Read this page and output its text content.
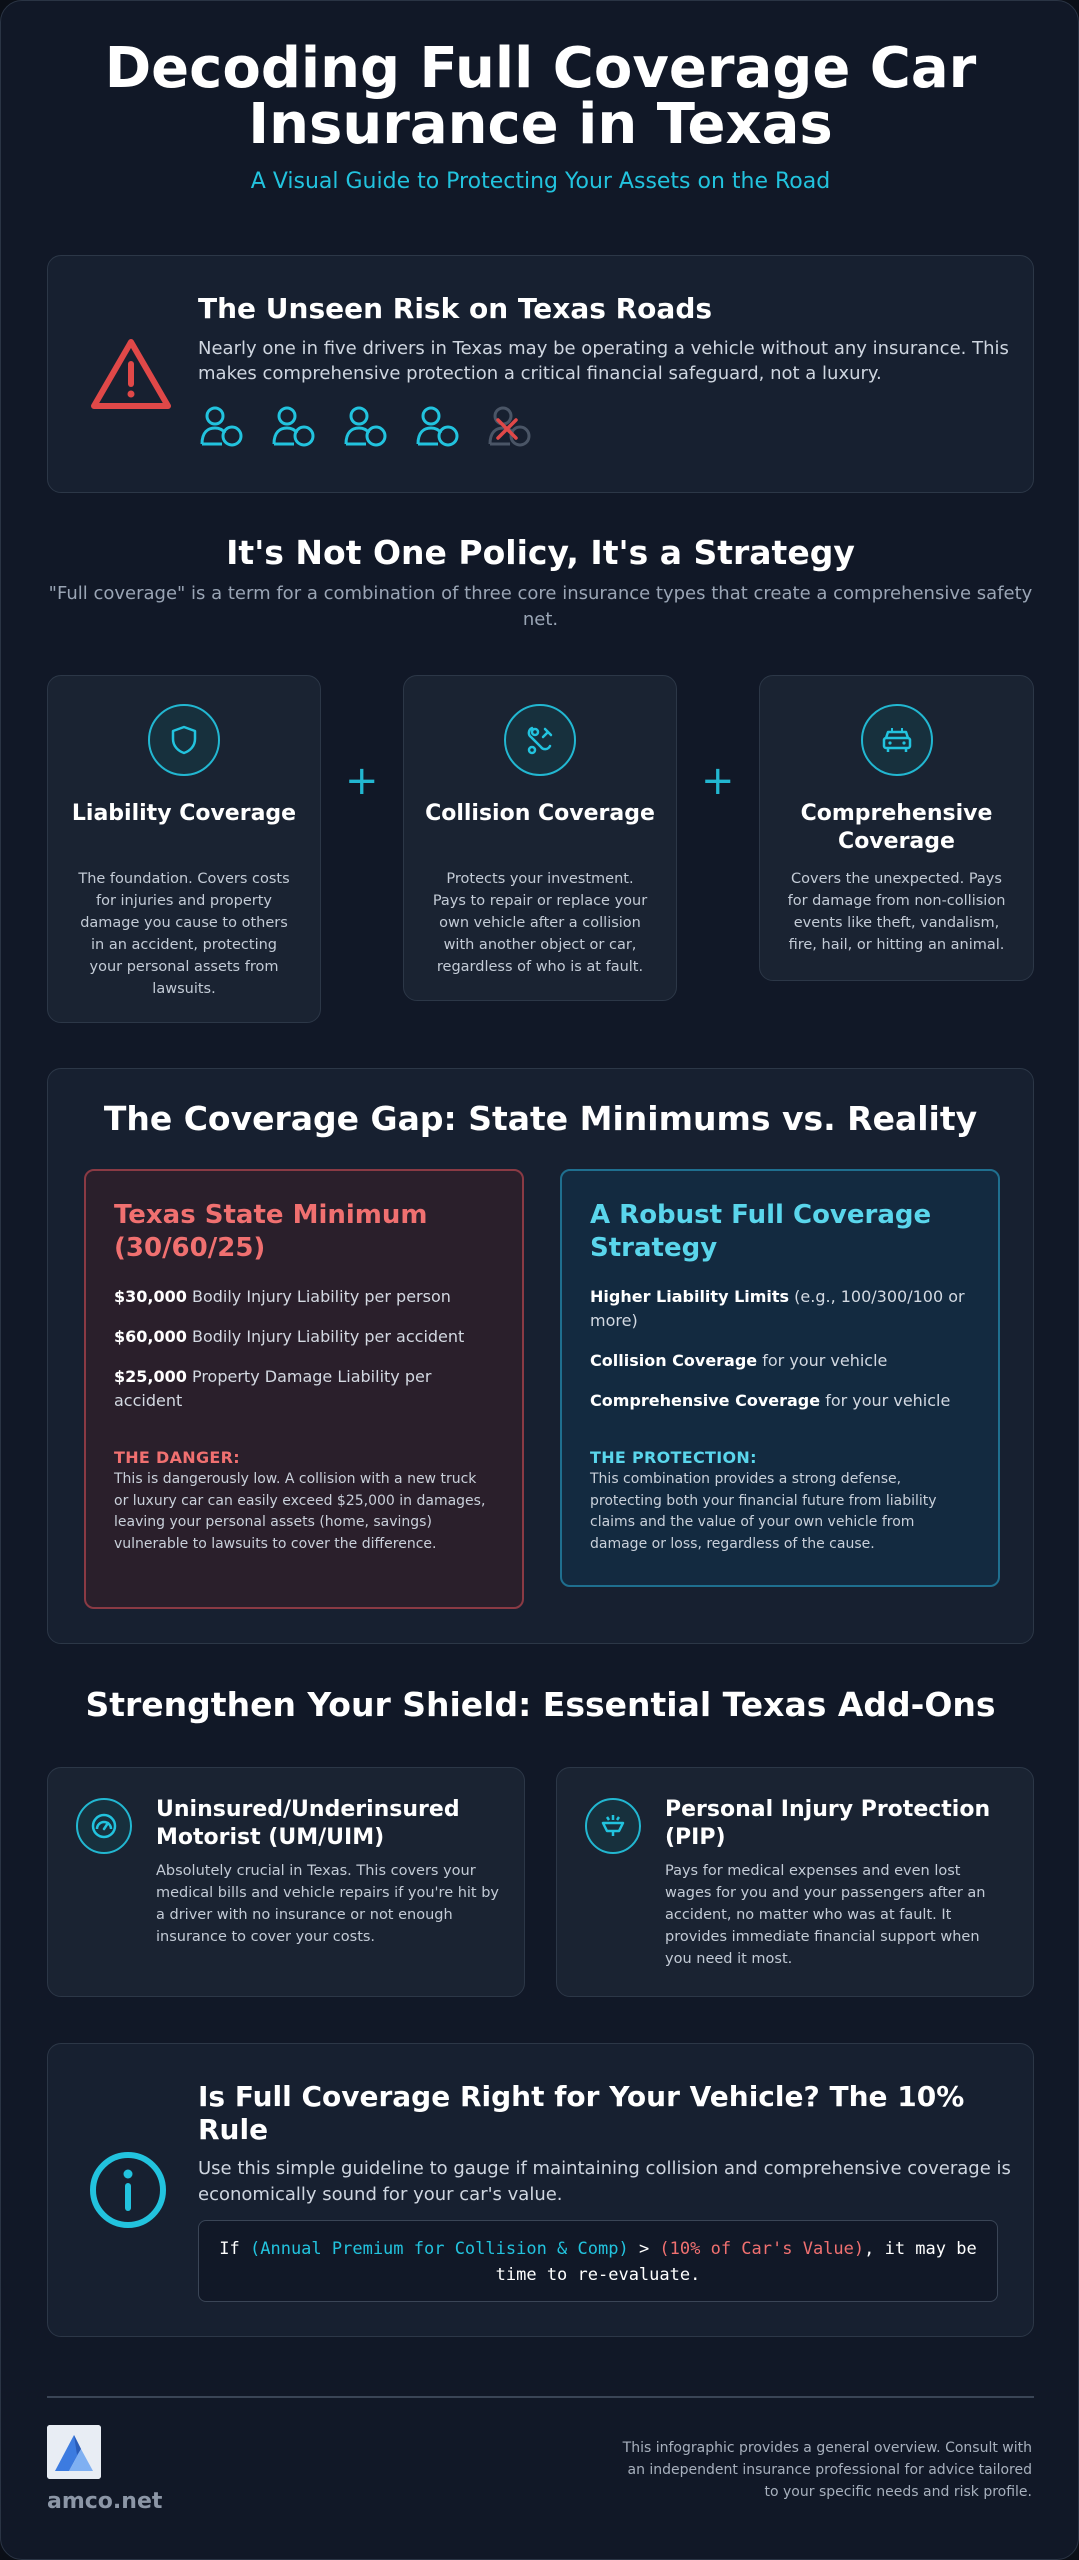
Decoding Full Coverage Car Insurance in Texas
A Visual Guide to Protecting Your Assets on the Road
The Unseen Risk on Texas Roads
Nearly one in five drivers in Texas may be operating a vehicle without any insurance. This makes comprehensive protection a critical financial safeguard, not a luxury.
It's Not One Policy, It's a Strategy
"Full coverage" is a term for a combination of three core insurance types that create a comprehensive safety net.
Liability Coverage
The foundation. Covers costs for injuries and property damage you cause to others in an accident, protecting your personal assets from lawsuits.
+
Collision Coverage
Protects your investment. Pays to repair or replace your own vehicle after a collision with another object or car, regardless of who is at fault.
+
Comprehensive Coverage
Covers the unexpected. Pays for damage from non-collision events like theft, vandalism, fire, hail, or hitting an animal.
The Coverage Gap: State Minimums vs. Reality
Texas State Minimum (30/60/25)
$30,000 Bodily Injury Liability per person
$60,000 Bodily Injury Liability per accident
$25,000 Property Damage Liability per accident
THE DANGER:
This is dangerously low. A collision with a new truck or luxury car can easily exceed $25,000 in damages, leaving your personal assets (home, savings) vulnerable to lawsuits to cover the difference.
A Robust Full Coverage Strategy
Higher Liability Limits (e.g., 100/300/100 or more)
Collision Coverage for your vehicle
Comprehensive Coverage for your vehicle
THE PROTECTION:
This combination provides a strong defense, protecting both your financial future from liability claims and the value of your own vehicle from damage or loss, regardless of the cause.
Strengthen Your Shield: Essential Texas Add-Ons
Uninsured/Underinsured Motorist (UM/UIM)
Absolutely crucial in Texas. This covers your medical bills and vehicle repairs if you're hit by a driver with no insurance or not enough insurance to cover your costs.
Personal Injury Protection (PIP)
Pays for medical expenses and even lost wages for you and your passengers after an accident, no matter who was at fault. It provides immediate financial support when you need it most.
Is Full Coverage Right for Your Vehicle? The 10% Rule
Use this simple guideline to gauge if maintaining collision and comprehensive coverage is economically sound for your car's value.
If (Annual Premium for Collision & Comp) > (10% of Car's Value), it may be time to re-evaluate.
amco.net
This infographic provides a general overview. Consult with an independent insurance professional for advice tailored to your specific needs and risk profile.
